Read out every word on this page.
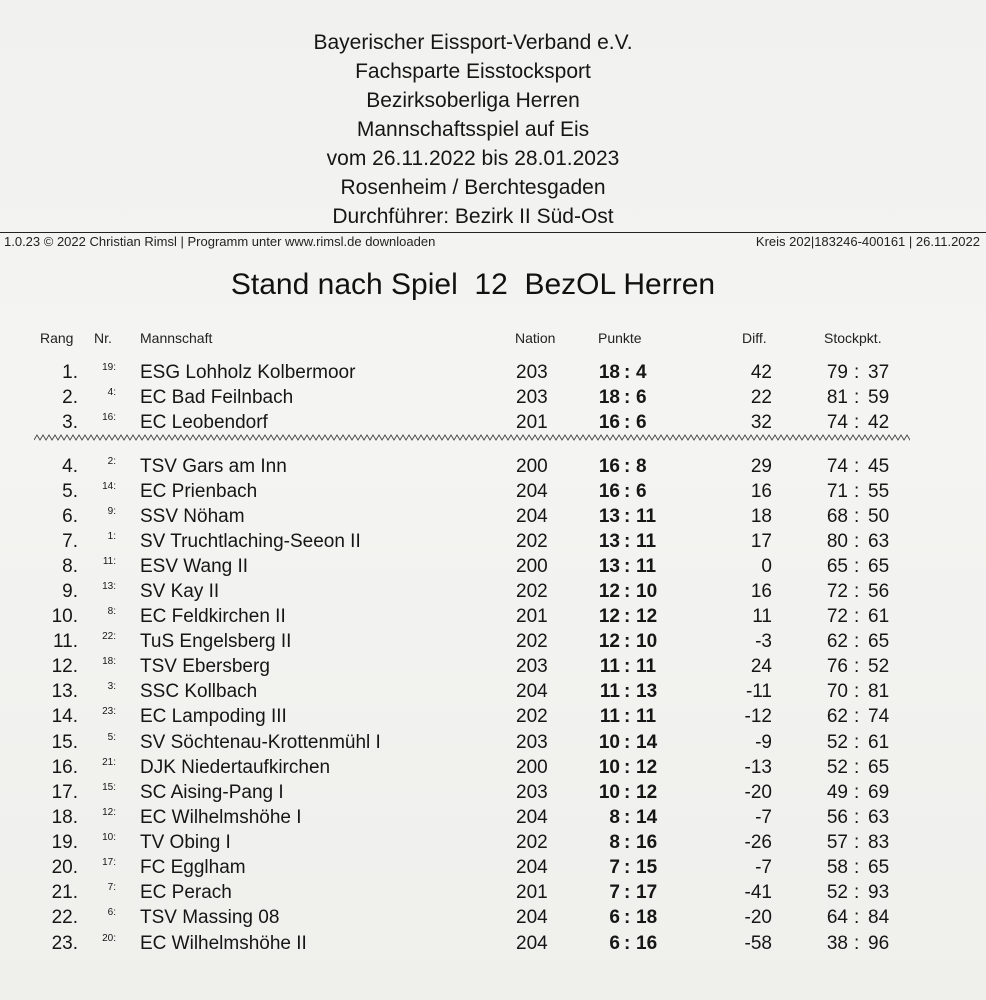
Bayerischer Eissport-Verband e.V.
Fachsparte Eisstocksport
Bezirksoberliga Herren
Mannschaftsspiel auf Eis
vom 26.11.2022 bis 28.01.2023
Rosenheim / Berchtesgaden
Durchführer: Bezirk II Süd-Ost
1.0.23 © 2022 Christian Rimsl | Programm unter www.rimsl.de downloaden	Kreis 202|183246-400161 | 26.11.2022
Stand nach Spiel  12  BezOL Herren
Rang Nr. Mannschaft	Nation	Punkte	Diff.	Stockpkt.
1.	19: ESG Lohholz Kolbermoor	203	18 : 4	42	79 : 37
2.	4: EC Bad Feilnbach	203	18 : 6	22	81 : 59
3.	16: EC Leobendorf	201	16 : 6	32	74 : 42
4.	2: TSV Gars am Inn	200	16 : 8	29	74 : 45
5.	14: EC Prienbach	204	16 : 6	16	71 : 55
6.	9: SSV Nöham	204	13 : 11	18	68 : 50
7.	1: SV Truchtlaching-Seeon II	202	13 : 11	17	80 : 63
8.	11: ESV Wang II	200	13 : 11	0	65 : 65
9.	13: SV Kay II	202	12 : 10	16	72 : 56
10.	8: EC Feldkirchen II	201	12 : 12	11	72 : 61
11.	22: TuS Engelsberg II	202	12 : 10	-3	62 : 65
12.	18: TSV Ebersberg	203	11 : 11	24	76 : 52
13.	3: SSC Kollbach	204	11 : 13	-11	70 : 81
14.	23: EC Lampoding III	202	11 : 11	-12	62 : 74
15.	5: SV Söchtenau-Krottenmühl I	203	10 : 14	-9	52 : 61
16.	21: DJK Niedertaufkirchen	200	10 : 12	-13	52 : 65
17.	15: SC Aising-Pang I	203	10 : 12	-20	49 : 69
18.	12: EC Wilhelmshöhe I	204	8 : 14	-7	56 : 63
19.	10: TV Obing I	202	8 : 16	-26	57 : 83
20.	17: FC Egglham	204	7 : 15	-7	58 : 65
21.	7: EC Perach	201	7 : 17	-41	52 : 93
22.	6: TSV Massing 08	204	6 : 18	-20	64 : 84
23.	20: EC Wilhelmshöhe II	204	6 : 16	-58	38 : 96
